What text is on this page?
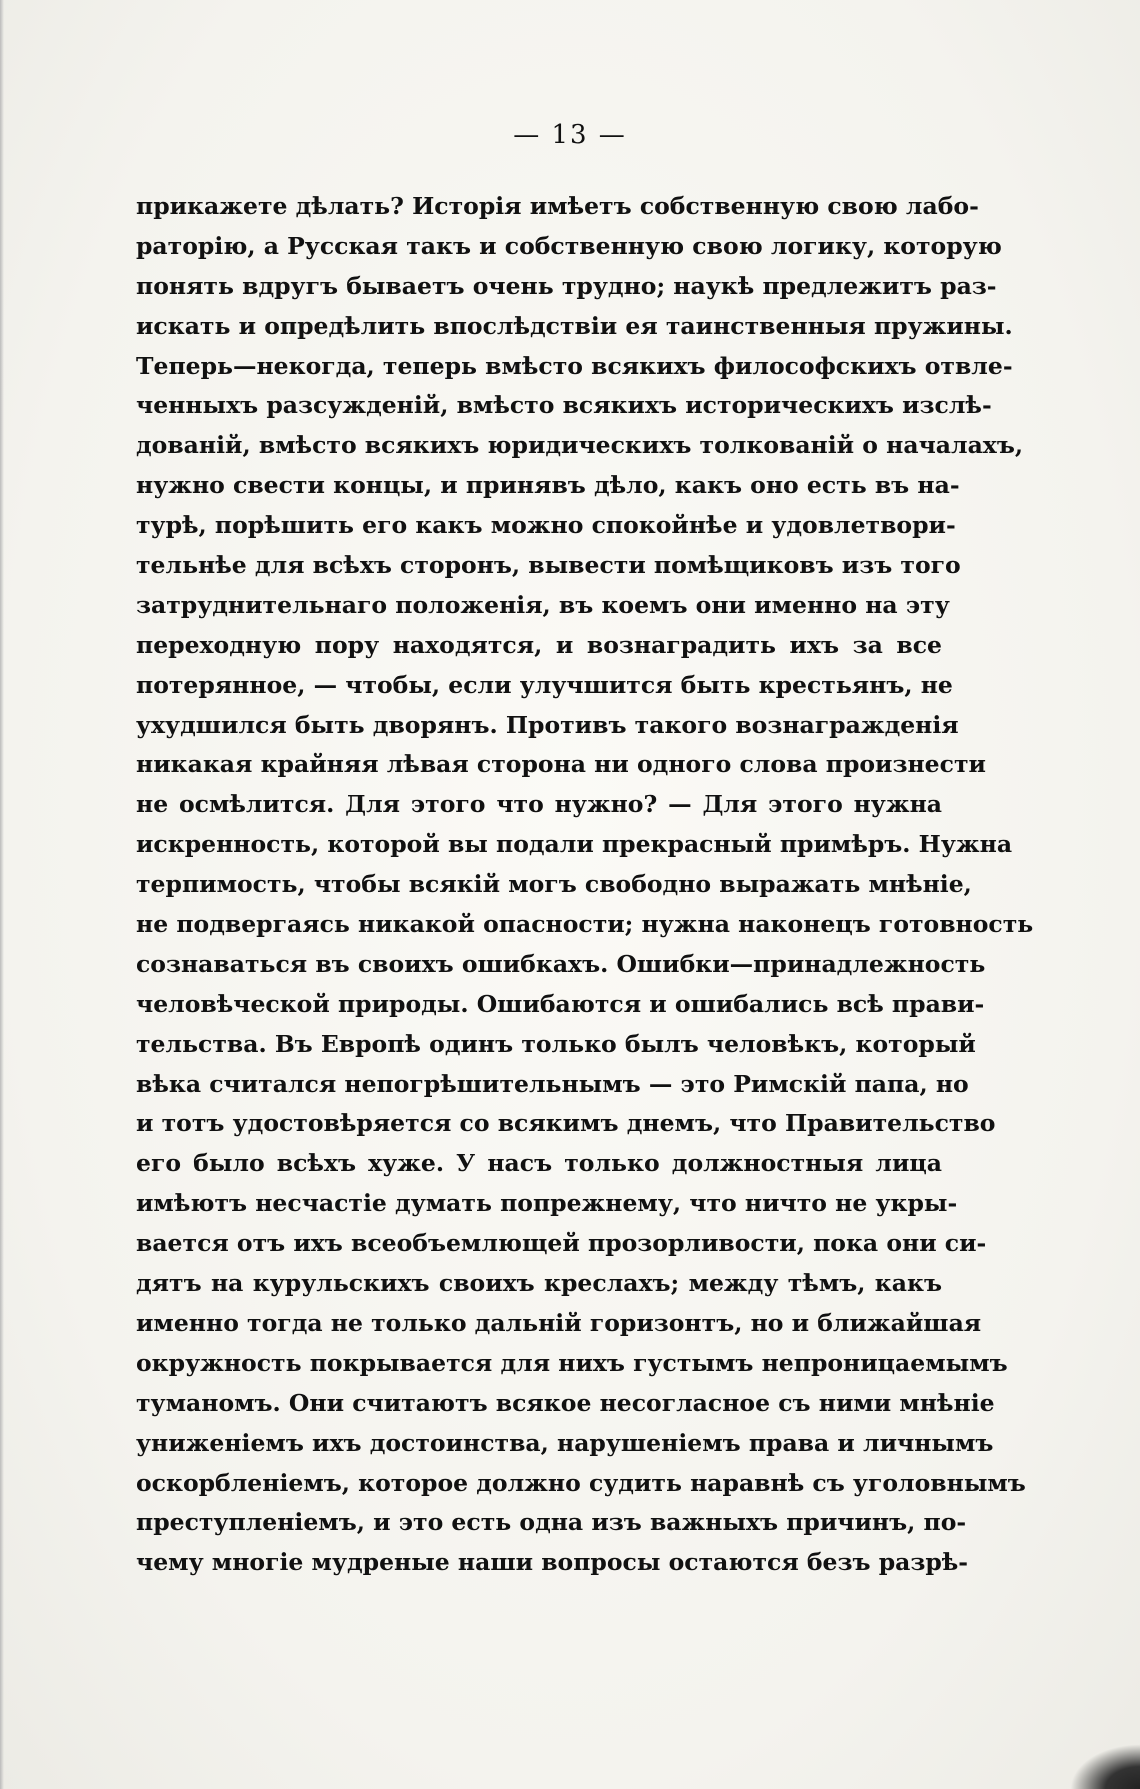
— 13 —
прикажете дѣлать? Исторія имѣетъ собственную свою лабо-
раторію, а Русская такъ и собственную свою логику, которую
понять вдругъ бываетъ очень трудно; наукѣ предлежитъ раз-
искать и опредѣлить впослѣдствіи ея таинственныя пружины.
Теперь—некогда, теперь вмѣсто всякихъ философскихъ отвле-
ченныхъ разсужденій, вмѣсто всякихъ историческихъ изслѣ-
дованій, вмѣсто всякихъ юридическихъ толкованій о началахъ,
нужно свести концы, и принявъ дѣло, какъ оно есть въ на-
турѣ, порѣшить его какъ можно спокойнѣе и удовлетвори-
тельнѣе для всѣхъ сторонъ, вывести помѣщиковъ изъ того
затруднительнаго положенія, въ коемъ они именно на эту
переходную пору находятся, и вознаградить ихъ за все
потерянное, — чтобы, если улучшится быть крестьянъ, не
ухудшился быть дворянъ. Противъ такого вознагражденія
никакая крайняя лѣвая сторона ни одного слова произнести
не осмѣлится. Для этого что нужно? — Для этого нужна
искренность, которой вы подали прекрасный примѣръ. Нужна
терпимость, чтобы всякій могъ свободно выражать мнѣніе,
не подвергаясь никакой опасности; нужна наконецъ готовность
сознаваться въ своихъ ошибкахъ. Ошибки—принадлежность
человѣческой природы. Ошибаются и ошибались всѣ прави-
тельства. Въ Европѣ одинъ только былъ человѣкъ, который
вѣка считался непогрѣшительнымъ — это Римскій папа, но
и тотъ удостовѣряется со всякимъ днемъ, что Правительство
его было всѣхъ хуже. У насъ только должностныя лица
имѣютъ несчастіе думать попрежнему, что ничто не укры-
вается отъ ихъ всеобъемлющей прозорливости, пока они си-
дятъ на курульскихъ своихъ креслахъ; между тѣмъ, какъ
именно тогда не только дальній горизонтъ, но и ближайшая
окружность покрывается для нихъ густымъ непроницаемымъ
туманомъ. Они считаютъ всякое несогласное съ ними мнѣніе
униженіемъ ихъ достоинства, нарушеніемъ права и личнымъ
оскорбленіемъ, которое должно судить наравнѣ съ уголовнымъ
преступленіемъ, и это есть одна изъ важныхъ причинъ, по-
чему многіе мудреные наши вопросы остаются безъ разрѣ-
